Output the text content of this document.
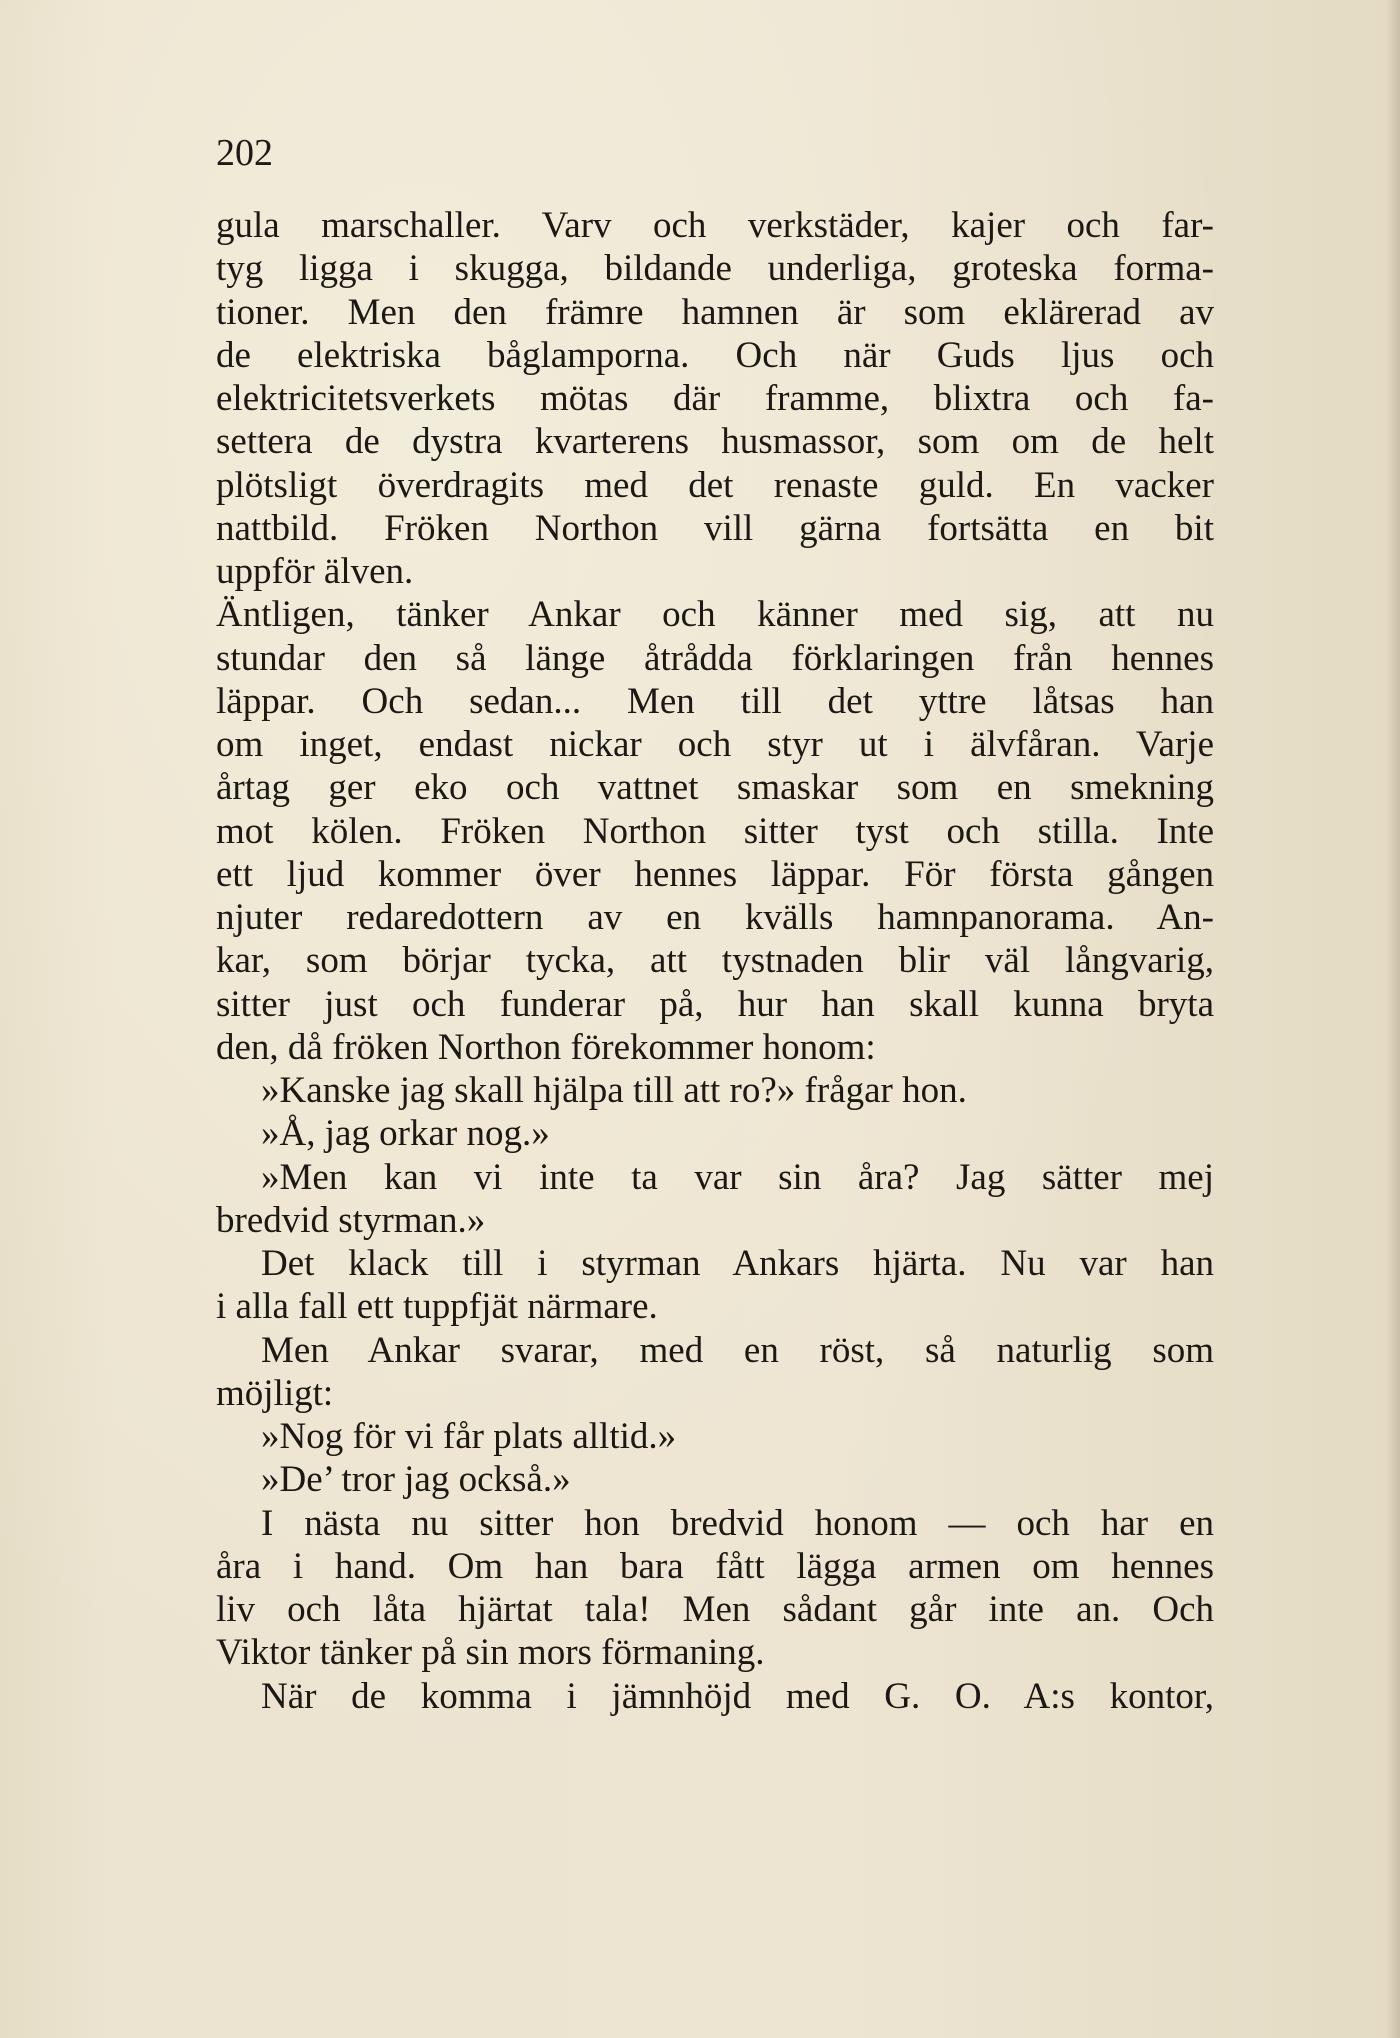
202
gula marschaller. Varv och verkstäder, kajer och far-
tyg ligga i skugga, bildande underliga, groteska forma-
tioner. Men den främre hamnen är som eklärerad av
de elektriska båglamporna. Och när Guds ljus och
elektricitetsverkets mötas där framme, blixtra och fa-
settera de dystra kvarterens husmassor, som om de helt
plötsligt överdragits med det renaste guld. En vacker
nattbild. Fröken Northon vill gärna fortsätta en bit
uppför älven.
Äntligen, tänker Ankar och känner med sig, att nu
stundar den så länge åtrådda förklaringen från hennes
läppar. Och sedan... Men till det yttre låtsas han
om inget, endast nickar och styr ut i älvfåran. Varje
årtag ger eko och vattnet smaskar som en smekning
mot kölen. Fröken Northon sitter tyst och stilla. Inte
ett ljud kommer över hennes läppar. För första gången
njuter redaredottern av en kvälls hamnpanorama. An-
kar, som börjar tycka, att tystnaden blir väl långvarig,
sitter just och funderar på, hur han skall kunna bryta
den, då fröken Northon förekommer honom:
»Kanske jag skall hjälpa till att ro?» frågar hon.
»Å, jag orkar nog.»
»Men kan vi inte ta var sin åra? Jag sätter mej
bredvid styrman.»
Det klack till i styrman Ankars hjärta. Nu var han
i alla fall ett tuppfjät närmare.
Men Ankar svarar, med en röst, så naturlig som
möjligt:
»Nog för vi får plats alltid.»
»De’ tror jag också.»
I nästa nu sitter hon bredvid honom — och har en
åra i hand. Om han bara fått lägga armen om hennes
liv och låta hjärtat tala! Men sådant går inte an. Och
Viktor tänker på sin mors förmaning.
När de komma i jämnhöjd med G. O. A:s kontor,
